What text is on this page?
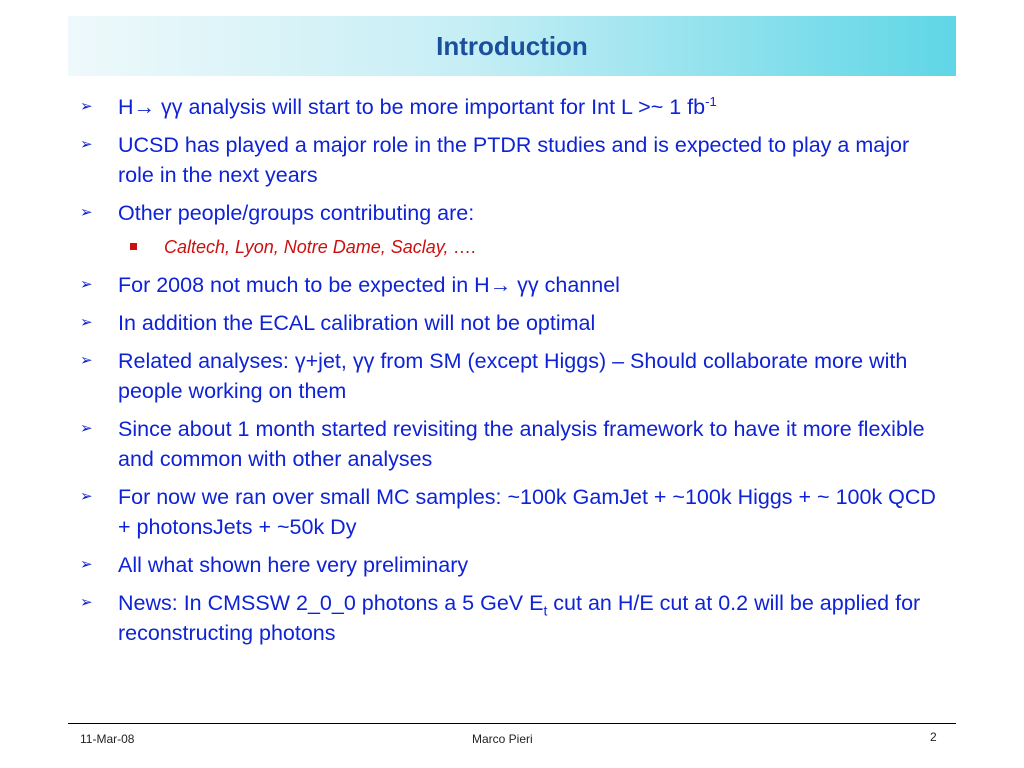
Introduction
➢ H→ γγ analysis will start to be more important for Int L >~ 1 $fb^{-1}$
➢ UCSD has played a major role in the PTDR studies and is expected to play a major role in the next years
➢ Other people/groups contributing are:
Caltech, Lyon, Notre Dame, Saclay, ….
➢ For 2008 not much to be expected in H→ γγ channel
➢ In addition the ECAL calibration will not be optimal
➢ Related analyses: γ+jet, γγ from SM (except Higgs) – Should collaborate more with people working on them
➢ Since about 1 month started revisiting the analysis framework to have it more flexible and common with other analyses
➢ For now we ran over small MC samples: ~100k GamJet + ~100k Higgs + ~ 100k QCD + photonsJets + ~50k Dy
➢ All what shown here very preliminary
➢ News: In CMSSW 2_0_0 photons a 5 GeV $E_t$ cut an H/E cut at 0.2 will be applied for reconstructing photons
11-Mar-08	Marco Pieri	2
